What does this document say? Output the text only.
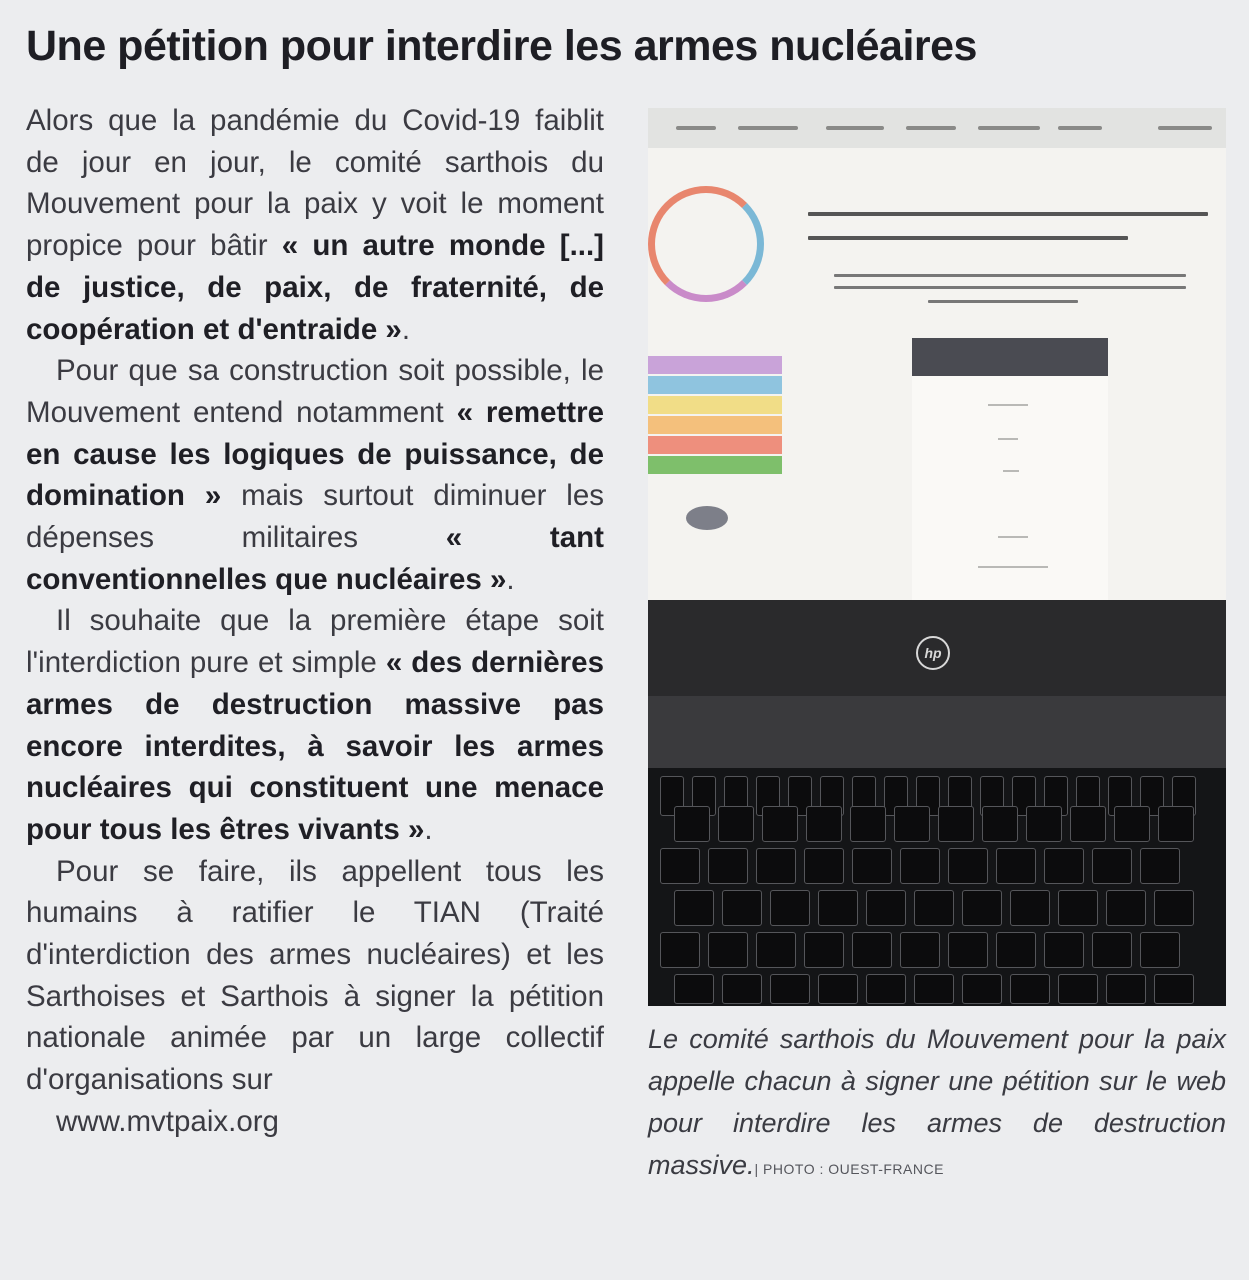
Une pétition pour interdire les armes nucléaires

Alors que la pandémie du Covid-19 faiblit de jour en jour, le comité sarthois du Mouvement pour la paix y voit le moment propice pour bâtir « un autre monde [...] de justice, de paix, de fraternité, de coopération et d'entraide ».

Pour que sa construction soit possible, le Mouvement entend notamment « remettre en cause les logiques de puissance, de domination » mais surtout diminuer les dépenses militaires « tant conventionnelles que nucléaires ».

Il souhaite que la première étape soit l'interdiction pure et simple « des dernières armes de destruction massive pas encore interdites, à savoir les armes nucléaires qui constituent une menace pour tous les êtres vivants ».

Pour se faire, ils appellent tous les humains à ratifier le TIAN (Traité d'interdiction des armes nucléaires) et les Sarthoises et Sarthois à signer la pétition nationale animée par un large collectif d'organisations sur
www.mvtpaix.org

hp
Le comité sarthois du Mouvement pour la paix appelle chacun à signer une pétition sur le web pour interdire les armes de destruction massive.| PHOTO : OUEST-FRANCE
